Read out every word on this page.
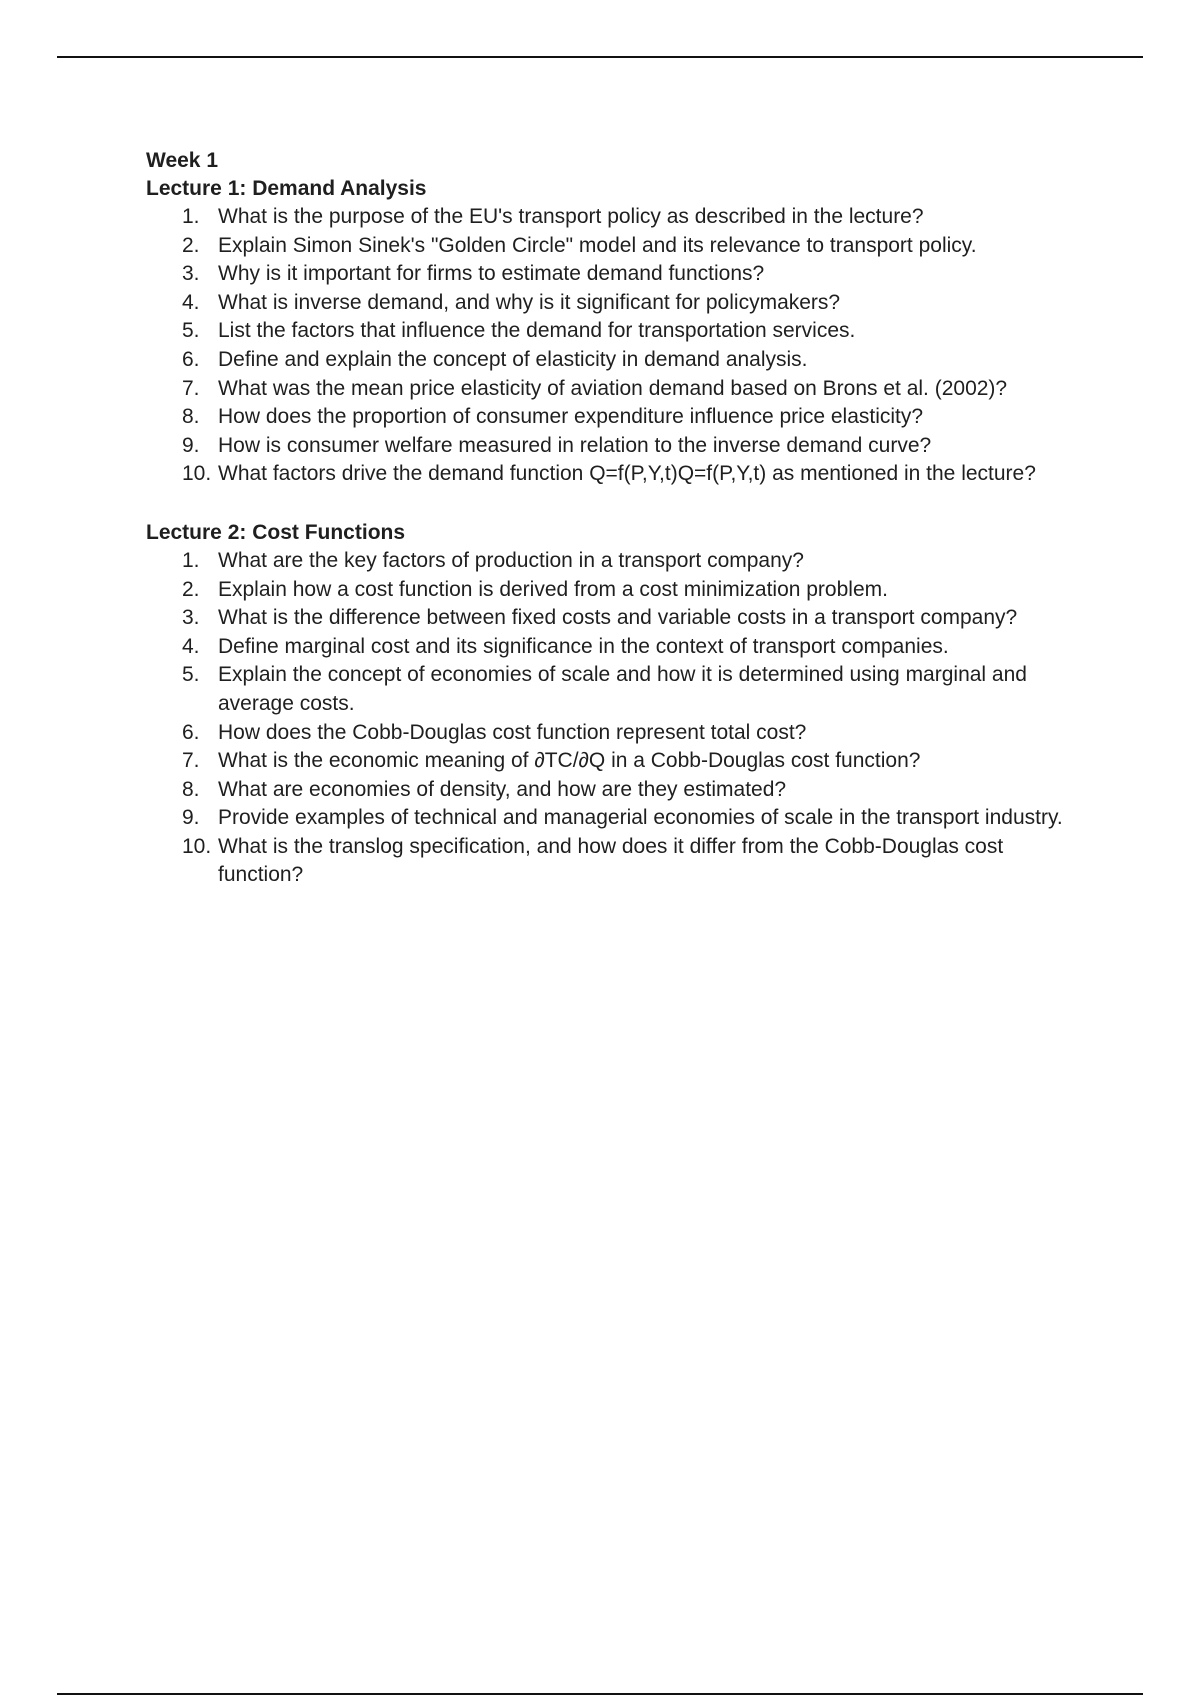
Week 1

Lecture 1: Demand Analysis

1. What is the purpose of the EU's transport policy as described in the lecture?
2. Explain Simon Sinek's "Golden Circle" model and its relevance to transport policy.
3. Why is it important for firms to estimate demand functions?
4. What is inverse demand, and why is it significant for policymakers?
5. List the factors that influence the demand for transportation services.
6. Define and explain the concept of elasticity in demand analysis.
7. What was the mean price elasticity of aviation demand based on Brons et al. (2002)?
8. How does the proportion of consumer expenditure influence price elasticity?
9. How is consumer welfare measured in relation to the inverse demand curve?
10. What factors drive the demand function Q=f(P,Y,t)Q=f(P,Y,t) as mentioned in the lecture?

Lecture 2: Cost Functions

1. What are the key factors of production in a transport company?
2. Explain how a cost function is derived from a cost minimization problem.
3. What is the difference between fixed costs and variable costs in a transport company?
4. Define marginal cost and its significance in the context of transport companies.
5. Explain the concept of economies of scale and how it is determined using marginal and average costs.
6. How does the Cobb-Douglas cost function represent total cost?
7. What is the economic meaning of ∂TC/∂Q in a Cobb-Douglas cost function?
8. What are economies of density, and how are they estimated?
9. Provide examples of technical and managerial economies of scale in the transport industry.
10. What is the translog specification, and how does it differ from the Cobb-Douglas cost function?
